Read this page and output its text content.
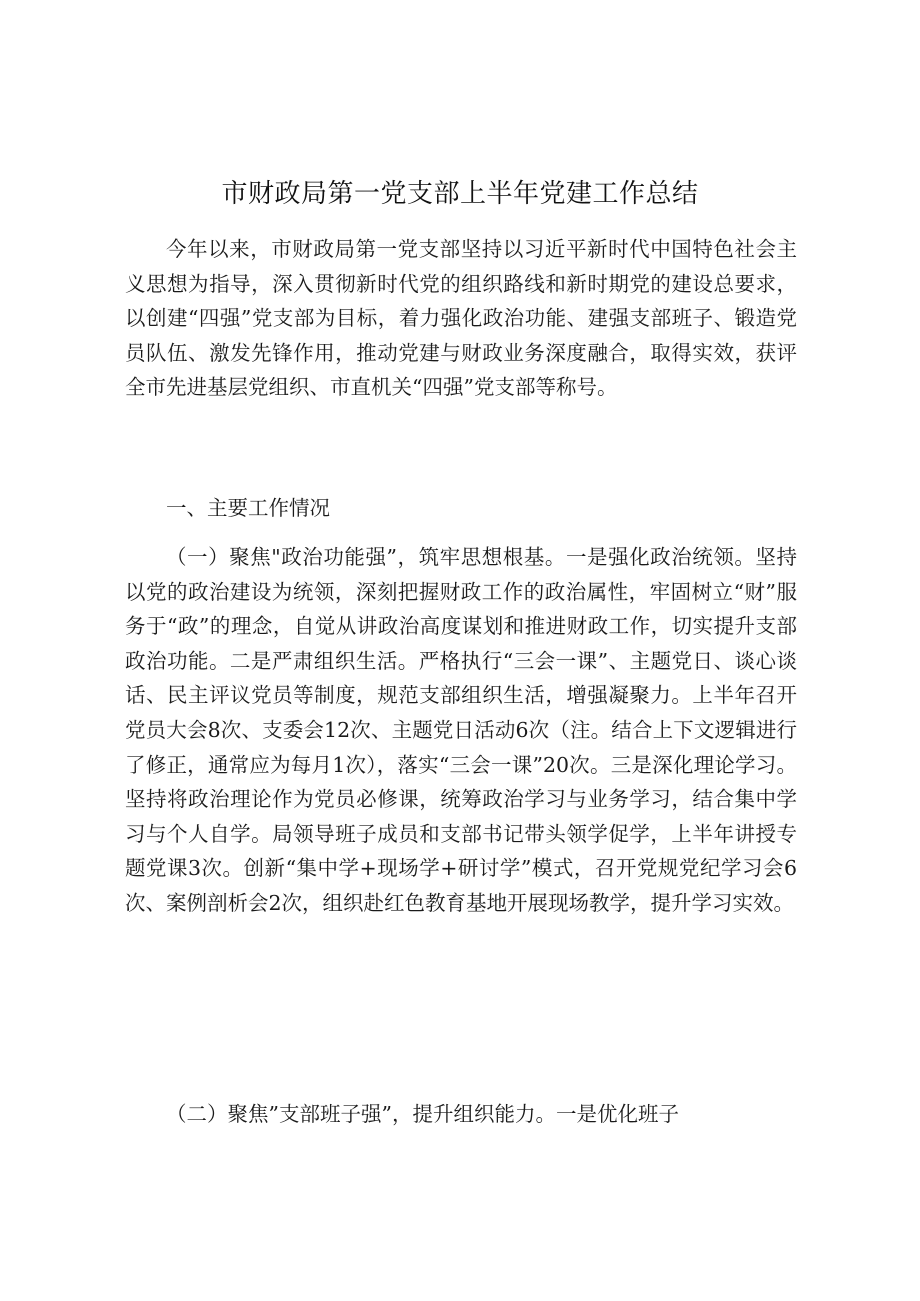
市财政局第一党支部上半年党建工作总结

今年以来，市财政局第一党支部坚持以习近平新时代中国特色社会主义思想为指导，深入贯彻新时代党的组织路线和新时期党的建设总要求，以创建“四强”党支部为目标，着力强化政治功能、建强支部班子、锻造党员队伍、激发先锋作用，推动党建与财政业务深度融合，取得实效，获评全市先进基层党组织、市直机关“四强”党支部等称号。

一、主要工作情况

（一）聚焦"政治功能强”，筑牢思想根基。一是强化政治统领。坚持以党的政治建设为统领，深刻把握财政工作的政治属性，牢固树立“财”服务于“政”的理念，自觉从讲政治高度谋划和推进财政工作，切实提升支部政治功能。二是严肃组织生活。严格执行“三会一课”、主题党日、谈心谈话、民主评议党员等制度，规范支部组织生活，增强凝聚力。上半年召开党员大会8次、支委会12次、主题党日活动6次（注。结合上下文逻辑进行了修正，通常应为每月1次），落实“三会一课”20次。三是深化理论学习。坚持将政治理论作为党员必修课，统筹政治学习与业务学习，结合集中学习与个人自学。局领导班子成员和支部书记带头领学促学，上半年讲授专题党课3次。创新“集中学+现场学+研讨学”模式，召开党规党纪学习会6次、案例剖析会2次，组织赴红色教育基地开展现场教学，提升学习实效。

（二）聚焦”支部班子强”，提升组织能力。一是优化班子
